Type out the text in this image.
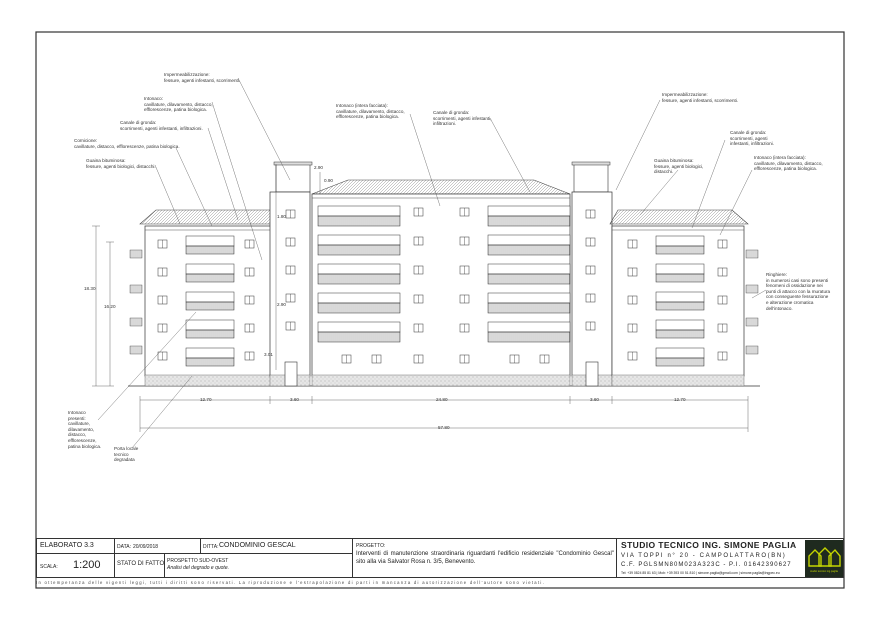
Impermeabilizzazione:
fessure, agenti infestanti, scorrimenti.
Intonaco:
cavillature, dilavamento, distacco,
efflorescenze, patina biologica.
Canale di gronda:
scorrimenti, agenti infestanti, infiltrazioni.
Cornicione:
cavillature, distacco, efflorescenze, patina biologica.
Guaina bituminosa:
fessure, agenti biologici, distacchi.
Intonaco (intera facciata):
cavillature, dilavamento, distacco,
efflorescenze, patina biologica.
Canale di gronda:
scorrimenti, agenti infestanti,
infiltrazioni.
Impermeabilizzazione:
fessure, agenti infestanti, scorrimenti.
Canale di gronda:
scorrimenti, agenti
infestanti, infiltrazioni.
Guaina bituminosa:
fessure, agenti biologici,
distacchi.
Intonaco (intera facciata):
cavillature, dilavamento, distacco,
efflorescenze, patina biologica.
Ringhiere:
in numerosi casi sono presenti
fenomeni di ossidazione nei
punti di attacco con la muratura
con conseguente fessurazione
e alterazione cromatica
dell'intonaco.
Intonaco
presenti:
cavillature,
dilavamento,
distacco,
efflorescenze,
patina biologica.	Porta locale
tecnico
degradata
18.30
16.20
2.90
0.90
1.80
2.90
3.01
12.70	3.60	24.80	3.60	12.70
57.80
ELABORATO 3.3	DATA: 20/09/2018	DITTA: CONDOMINIO GESCAL
SCALA: 1:200	STATO DI FATTO PROSPETTO SUD-OVEST
Analisi del degrado e quote.
PROGETTO:
Interventi di manutenzione straordinaria riguardanti l'edificio residenziale "Condominio Gescal" sito alla via Salvator Rosa n. 3/5, Benevento.
STUDIO TECNICO ING. SIMONE PAGLIA
VIA TOPPI n° 20 - CAMPOLATTARO(BN)
C.F. PGLSMN80M023A323C - P.I. 01642390627
Tel: +39 0824 85 81 63 | Mob: +39 393 00 51 810 | simone.paglia@gmail.com | simone.paglia@ingpec.eu	studio tecnico ing.paglia
In ottemperanza delle vigenti leggi, tutti i diritti sono riservati. La riproduzione e l'estrapolazione di parti in mancanza di autorizzazione dell'autore sono vietati.
